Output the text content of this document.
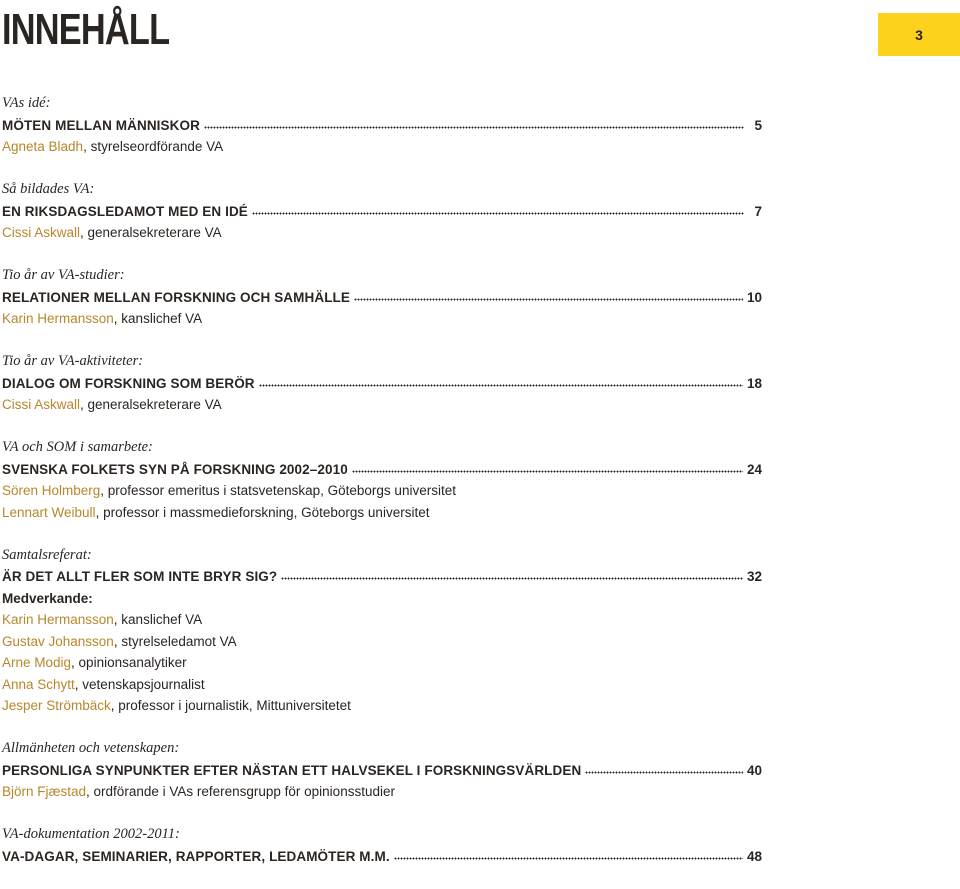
INNEHÅLL	3
VAs idé:
MÖTEN MELLAN MÄNNISKOR	5
Agneta Bladh, styrelseordförande VA
Så bildades VA:
EN RIKSDAGSLEDAMOT MED EN IDÉ	7
Cissi Askwall, generalsekreterare VA
Tio år av VA-studier:
RELATIONER MELLAN FORSKNING OCH SAMHÄLLE	10
Karin Hermansson, kanslichef VA
Tio år av VA-aktiviteter:
DIALOG OM FORSKNING SOM BERÖR	18
Cissi Askwall, generalsekreterare VA
VA och SOM i samarbete:
SVENSKA FOLKETS SYN PÅ FORSKNING 2002–2010	24
Sören Holmberg, professor emeritus i statsvetenskap, Göteborgs universitet
Lennart Weibull, professor i massmedieforskning, Göteborgs universitet
Samtalsreferat:
ÄR DET ALLT FLER SOM INTE BRYR SIG?	32
Medverkande:
Karin Hermansson, kanslichef VA
Gustav Johansson, styrelseledamot VA
Arne Modig, opinionsanalytiker
Anna Schytt, vetenskapsjournalist
Jesper Strömbäck, professor i journalistik, Mittuniversitetet
Allmänheten och vetenskapen:
PERSONLIGA SYNPUNKTER EFTER NÄSTAN ETT HALVSEKEL I FORSKNINGSVÄRLDEN	40
Björn Fjæstad, ordförande i VAs referensgrupp för opinionsstudier
VA-dokumentation 2002-2011:
VA-DAGAR, SEMINARIER, RAPPORTER, LEDAMÖTER M.M.	48
